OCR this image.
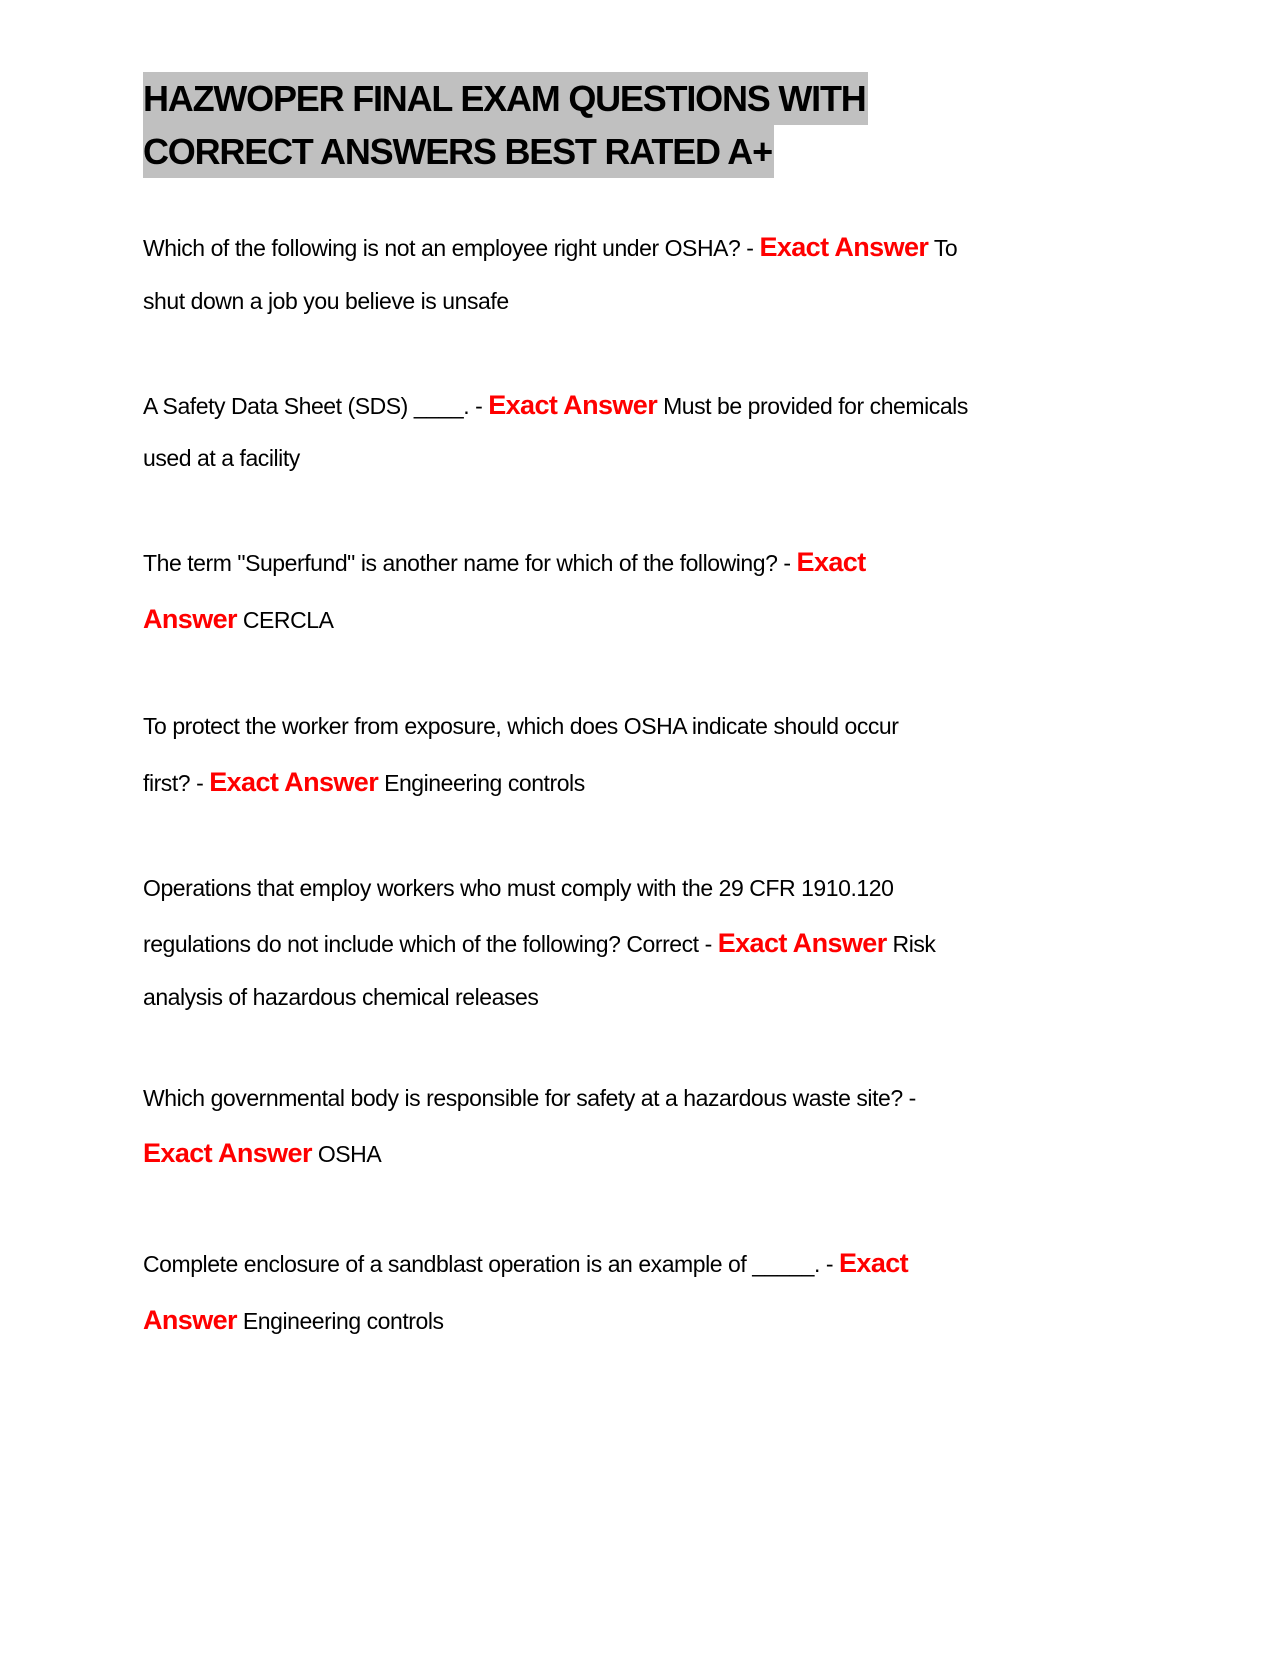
HAZWOPER FINAL EXAM QUESTIONS WITH
CORRECT ANSWERS BEST RATED A+
Which of the following is not an employee right under OSHA? - Exact Answer To
shut down a job you believe is unsafe
A Safety Data Sheet (SDS) ____. - Exact Answer Must be provided for chemicals
used at a facility
The term "Superfund" is another name for which of the following? - Exact
Answer CERCLA
To protect the worker from exposure, which does OSHA indicate should occur
first? - Exact Answer Engineering controls
Operations that employ workers who must comply with the 29 CFR 1910.120
regulations do not include which of the following? Correct - Exact Answer Risk
analysis of hazardous chemical releases
Which governmental body is responsible for safety at a hazardous waste site? -
Exact Answer OSHA
Complete enclosure of a sandblast operation is an example of _____. - Exact
Answer Engineering controls
